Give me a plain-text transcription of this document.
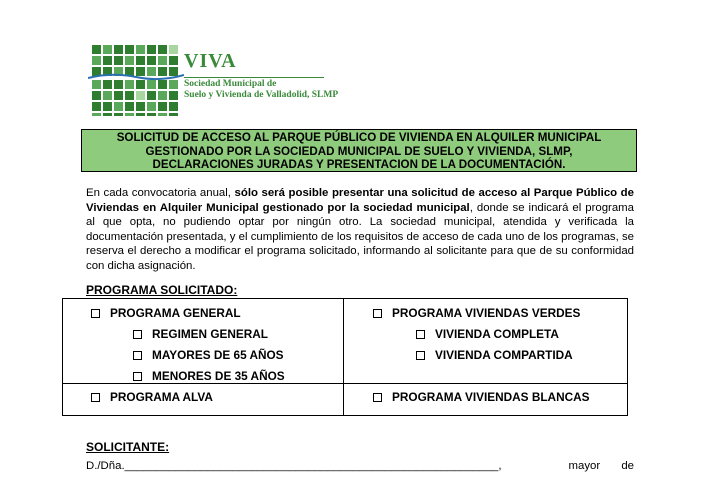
VIVA
Sociedad Municipal de
Suelo y Vivienda de Valladolid, SLMP
SOLICITUD DE ACCESO AL PARQUE PÚBLICO DE VIVIENDA EN ALQUILER MUNICIPAL
GESTIONADO POR LA SOCIEDAD MUNICIPAL DE SUELO Y VIVIENDA, SLMP,
DECLARACIONES JURADAS Y PRESENTACION DE LA DOCUMENTACIÓN.
En cada convocatoria anual, sólo será posible presentar una solicitud de acceso al Parque Público de Viviendas en Alquiler Municipal gestionado por la sociedad municipal, donde se indicará el programa al que opta, no pudiendo optar por ningún otro. La sociedad municipal, atendida y verificada la documentación presentada, y el cumplimiento de los requisitos de acceso de cada uno de los programas, se reserva el derecho a modificar el programa solicitado, informando al solicitante para que de su conformidad con dicha asignación.
PROGRAMA SOLICITADO:
PROGRAMA GENERAL
REGIMEN GENERAL
MAYORES DE 65 AÑOS
MENORES DE 35 AÑOS
PROGRAMA VIVIENDAS VERDES
VIVIENDA COMPLETA
VIVIENDA COMPARTIDA
PROGRAMA ALVA	PROGRAMA VIVIENDAS BLANCAS
SOLICITANTE:
D./Dña.___________________________________________________________,	mayor de
